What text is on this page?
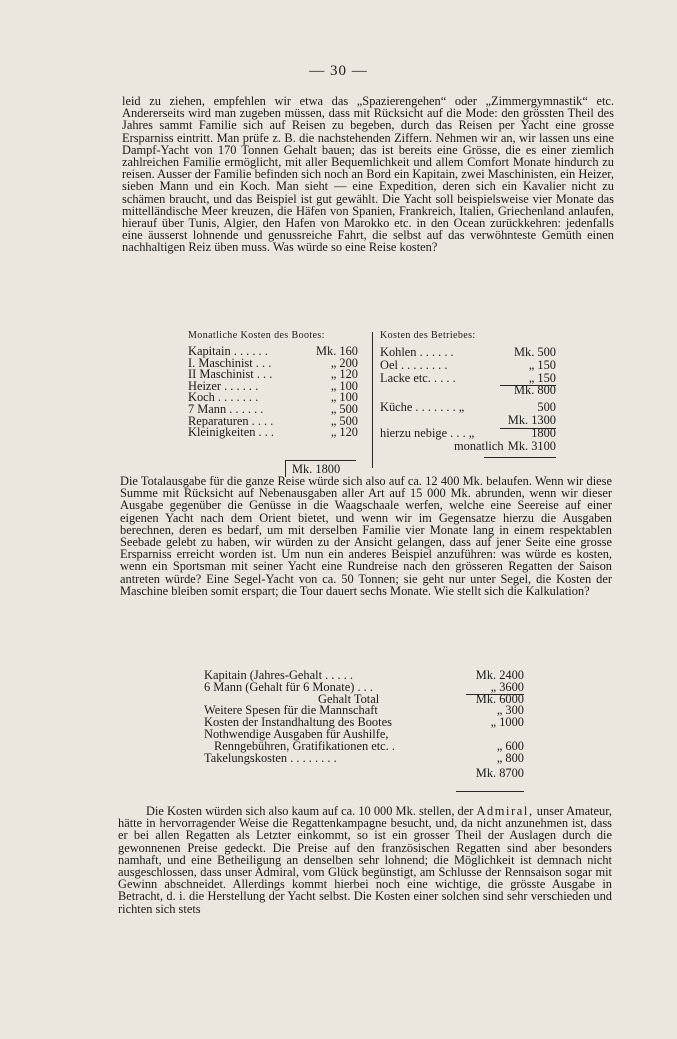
— 30 —

leid zu ziehen, empfehlen wir etwa das „Spazierengehen“ oder „Zimmergymnastik“ etc. Andererseits wird man zugeben müssen, dass mit Rücksicht auf die Mode: den grössten Theil des Jahres sammt Familie sich auf Reisen zu begeben, durch das Reisen per Yacht eine grosse Ersparniss eintritt. Man prüfe z. B. die nachstehenden Ziffern. Nehmen wir an, wir lassen uns eine Dampf-Yacht von 170 Tonnen Gehalt bauen; das ist bereits eine Grösse, die es einer ziemlich zahlreichen Familie ermöglicht, mit aller Bequemlichkeit und allem Comfort Monate hindurch zu reisen. Ausser der Familie befinden sich noch an Bord ein Kapitain, zwei Maschinisten, ein Heizer, sieben Mann und ein Koch. Man sieht — eine Expedition, deren sich ein Kavalier nicht zu schämen braucht, und das Beispiel ist gut gewählt. Die Yacht soll beispielsweise vier Monate das mittelländische Meer kreuzen, die Häfen von Spanien, Frankreich, Italien, Griechenland anlaufen, hierauf über Tunis, Algier, den Hafen von Marokko etc. in den Ocean zurückkehren: jedenfalls eine äusserst lohnende und genussreiche Fahrt, die selbst auf das verwöhnteste Gemüth einen nachhaltigen Reiz üben muss. Was würde so eine Reise kosten?

Monatliche Kosten des Bootes:
Kapitain . . . . . .	Mk. 160
I. Maschinist . . .	„ 200
II Maschinist . . .	„ 120
Heizer . . . . . .	„ 100
Koch . . . . . . .	„ 100
7 Mann . . . . . .	„ 500
Reparaturen . . . .	„ 500
Kleinigkeiten . . .	„ 120
Mk. 1800
Kosten des Betriebes:
Kohlen . . . . . .	Mk. 500
Oel . . . . . . . .	„ 150
Lacke etc. . . . .	„ 150
Mk. 800
Küche . . . . . . . „	500
Mk. 1300
hierzu nebige . . . „	1800
monatlich Mk. 3100

Die Totalausgabe für die ganze Reise würde sich also auf ca. 12 400 Mk. belaufen. Wenn wir diese Summe mit Rücksicht auf Nebenausgaben aller Art auf 15 000 Mk. abrunden, wenn wir dieser Ausgabe gegenüber die Genüsse in die Waagschaale werfen, welche eine Seereise auf einer eigenen Yacht nach dem Orient bietet, und wenn wir im Gegensatze hierzu die Ausgaben berechnen, deren es bedarf, um mit derselben Familie vier Monate lang in einem respektablen Seebade gelebt zu haben, wir würden zu der Ansicht gelangen, dass auf jener Seite eine grosse Ersparniss erreicht worden ist. Um nun ein anderes Beispiel anzuführen: was würde es kosten, wenn ein Sportsman mit seiner Yacht eine Rundreise nach den grösseren Regatten der Saison antreten würde? Eine Segel-Yacht von ca. 50 Tonnen; sie geht nur unter Segel, die Kosten der Maschine bleiben somit erspart; die Tour dauert sechs Monate. Wie stellt sich die Kalkulation?

Kapitain (Jahres-Gehalt . . . . .	Mk. 2400
6 Mann (Gehalt für 6 Monate) . . .	„ 3600
Gehalt Total	Mk. 6000
Weitere Spesen für die Mannschaft	„ 300
Kosten der Instandhaltung des Bootes	„ 1000
Nothwendige Ausgaben für Aushilfe,
Renngebühren, Gratifikationen etc. .	„ 600
Takelungskosten . . . . . . . .	„ 800
Mk. 8700

Die Kosten würden sich also kaum auf ca. 10 000 Mk. stellen, der Admiral, unser Amateur, hätte in hervorragender Weise die Regattenkampagne besucht, und, da nicht anzunehmen ist, dass er bei allen Regatten als Letzter einkommt, so ist ein grosser Theil der Auslagen durch die gewonnenen Preise gedeckt. Die Preise auf den französischen Regatten sind aber besonders namhaft, und eine Betheiligung an denselben sehr lohnend; die Möglichkeit ist demnach nicht ausgeschlossen, dass unser Admiral, vom Glück begünstigt, am Schlusse der Rennsaison sogar mit Gewinn abschneidet. Allerdings kommt hierbei noch eine wichtige, die grösste Ausgabe in Betracht, d. i. die Herstellung der Yacht selbst. Die Kosten einer solchen sind sehr verschieden und richten sich stets
